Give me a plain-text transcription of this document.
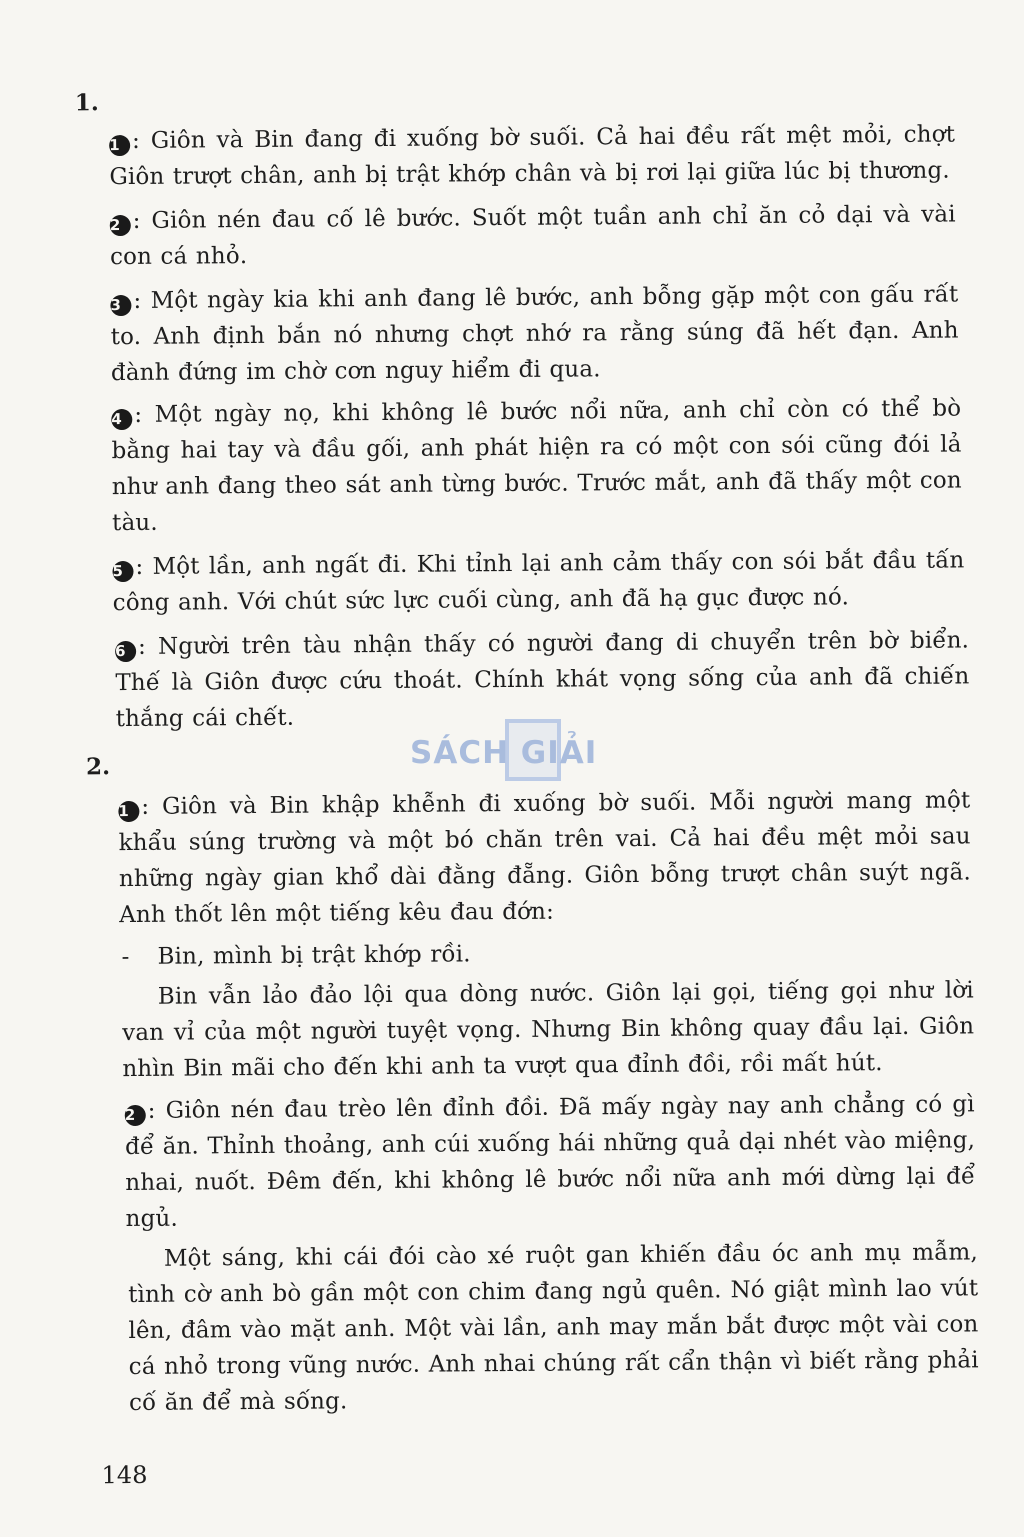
1.

1 : Giôn và Bin đang đi xuống bờ suối. Cả hai đều rất mệt mỏi, chợt Giôn trượt chân, anh bị trật khớp chân và bị rơi lại giữa lúc bị thương.

2 : Giôn nén đau cố lê bước. Suốt một tuần anh chỉ ăn cỏ dại và vài con cá nhỏ.

3 : Một ngày kia khi anh đang lê bước, anh bỗng gặp một con gấu rất to. Anh định bắn nó nhưng chợt nhớ ra rằng súng đã hết đạn. Anh đành đứng im chờ cơn nguy hiểm đi qua.

4 : Một ngày nọ, khi không lê bước nổi nữa, anh chỉ còn có thể bò bằng hai tay và đầu gối, anh phát hiện ra có một con sói cũng đói lả như anh đang theo sát anh từng bước. Trước mắt, anh đã thấy một con tàu.

5 : Một lần, anh ngất đi. Khi tỉnh lại anh cảm thấy con sói bắt đầu tấn công anh. Với chút sức lực cuối cùng, anh đã hạ gục được nó.

6 : Người trên tàu nhận thấy có người đang di chuyển trên bờ biển. Thế là Giôn được cứu thoát. Chính khát vọng sống của anh đã chiến thắng cái chết.

2.

1 : Giôn và Bin khập khễnh đi xuống bờ suối. Mỗi người mang một khẩu súng trường và một bó chăn trên vai. Cả hai đều mệt mỏi sau những ngày gian khổ dài đằng đẵng. Giôn bỗng trượt chân suýt ngã. Anh thốt lên một tiếng kêu đau đớn:

- Bin, mình bị trật khớp rồi.

Bin vẫn lảo đảo lội qua dòng nước. Giôn lại gọi, tiếng gọi như lời van vỉ của một người tuyệt vọng. Nhưng Bin không quay đầu lại. Giôn nhìn Bin mãi cho đến khi anh ta vượt qua đỉnh đồi, rồi mất hút.

2 : Giôn nén đau trèo lên đỉnh đồi. Đã mấy ngày nay anh chẳng có gì để ăn. Thỉnh thoảng, anh cúi xuống hái những quả dại nhét vào miệng, nhai, nuốt. Đêm đến, khi không lê bước nổi nữa anh mới dừng lại để ngủ.

Một sáng, khi cái đói cào xé ruột gan khiến đầu óc anh mụ mẫm, tình cờ anh bò gần một con chim đang ngủ quên. Nó giật mình lao vút lên, đâm vào mặt anh. Một vài lần, anh may mắn bắt được một vài con cá nhỏ trong vũng nước. Anh nhai chúng rất cẩn thận vì biết rằng phải cố ăn để mà sống.

148
SÁCH GIẢI
